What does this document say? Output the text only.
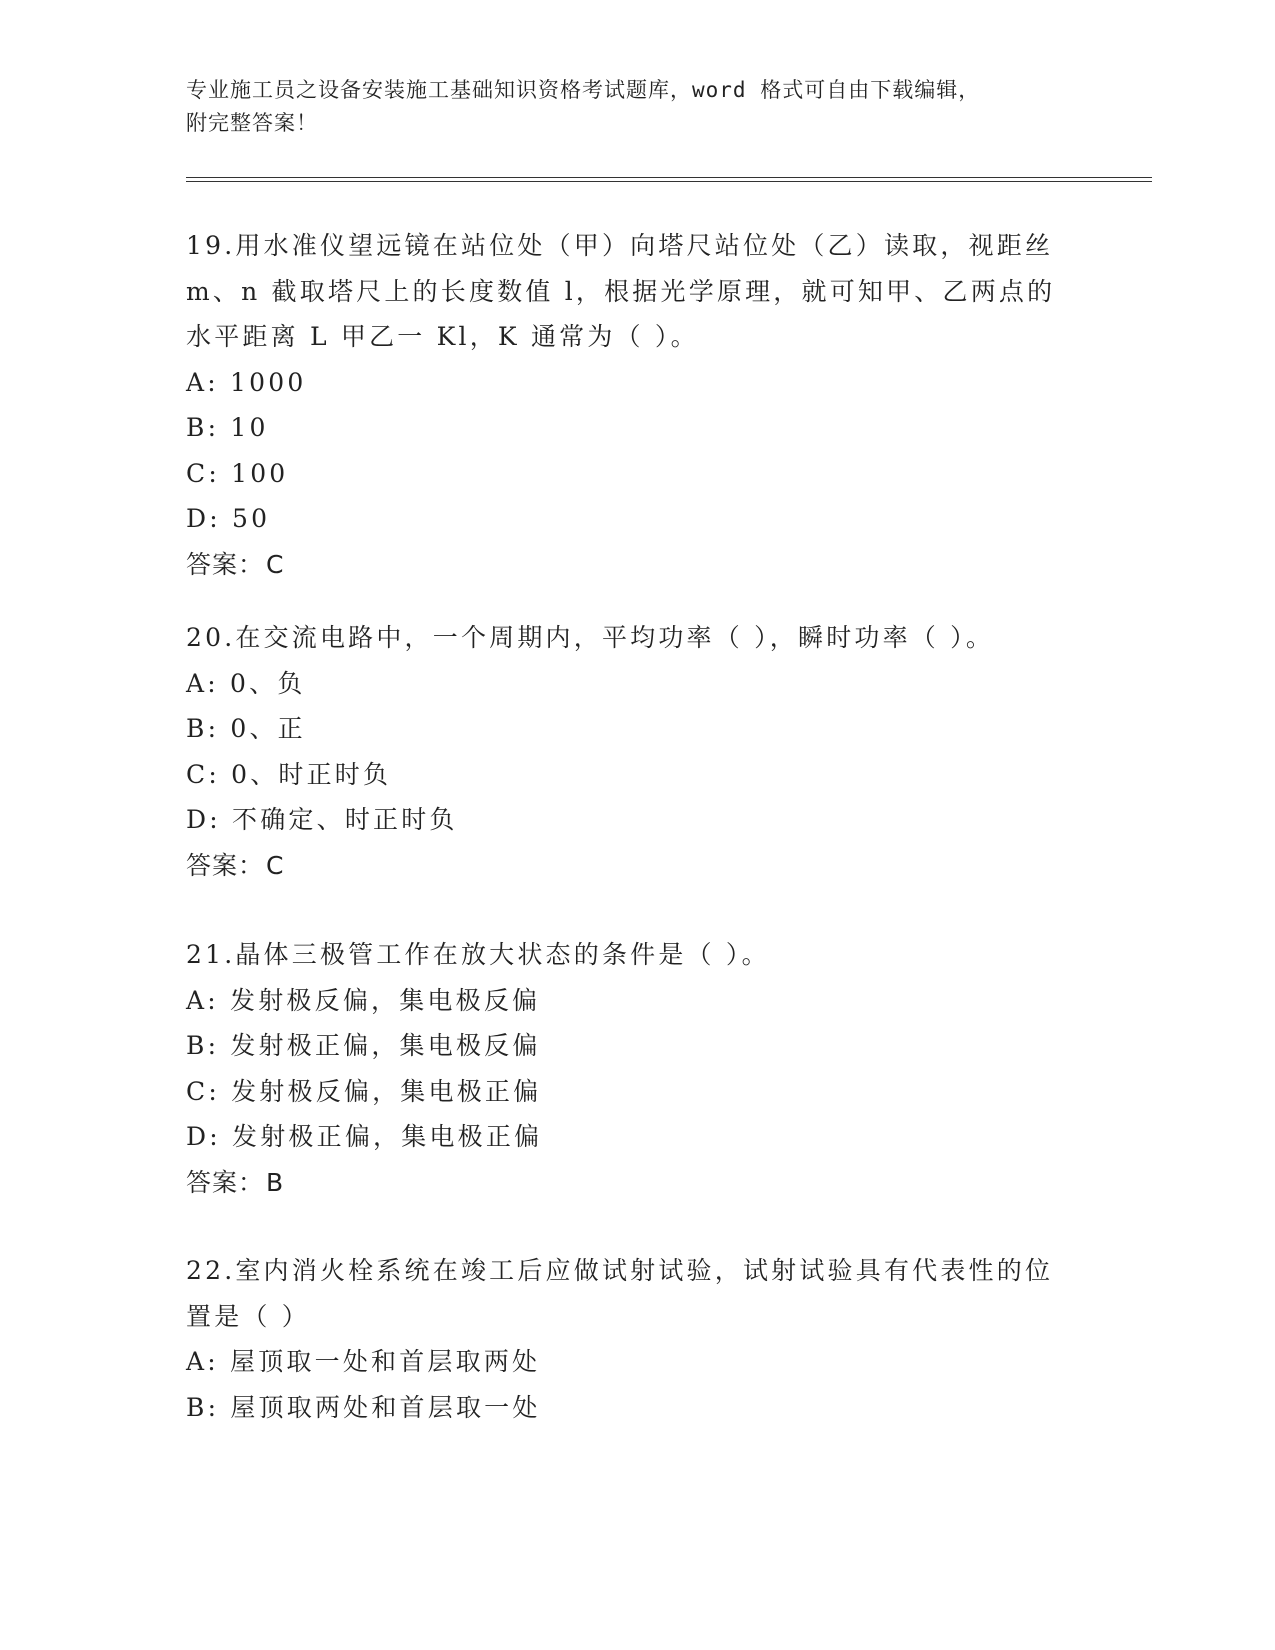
专业施工员之设备安装施工基础知识资格考试题库，word 格式可自由下载编辑，
附完整答案！

19.用水准仪望远镜在站位处（甲）向塔尺站位处（乙）读取，视距丝

m、n 截取塔尺上的长度数值 l，根据光学原理，就可知甲、乙两点的

水平距离 L 甲乙一 Kl，K 通常为（ ）。

A: 1000

B: 10

C: 100

D: 50

答案：C

20.在交流电路中，一个周期内，平均功率（ ），瞬时功率（ ）。

A: 0、负

B: 0、正

C: 0、时正时负

D: 不确定、时正时负

答案：C

21.晶体三极管工作在放大状态的条件是（ ）。

A: 发射极反偏，集电极反偏

B: 发射极正偏，集电极反偏

C: 发射极反偏，集电极正偏

D: 发射极正偏，集电极正偏

答案：B

22.室内消火栓系统在竣工后应做试射试验，试射试验具有代表性的位

置是（ ）

A: 屋顶取一处和首层取两处

B: 屋顶取两处和首层取一处
